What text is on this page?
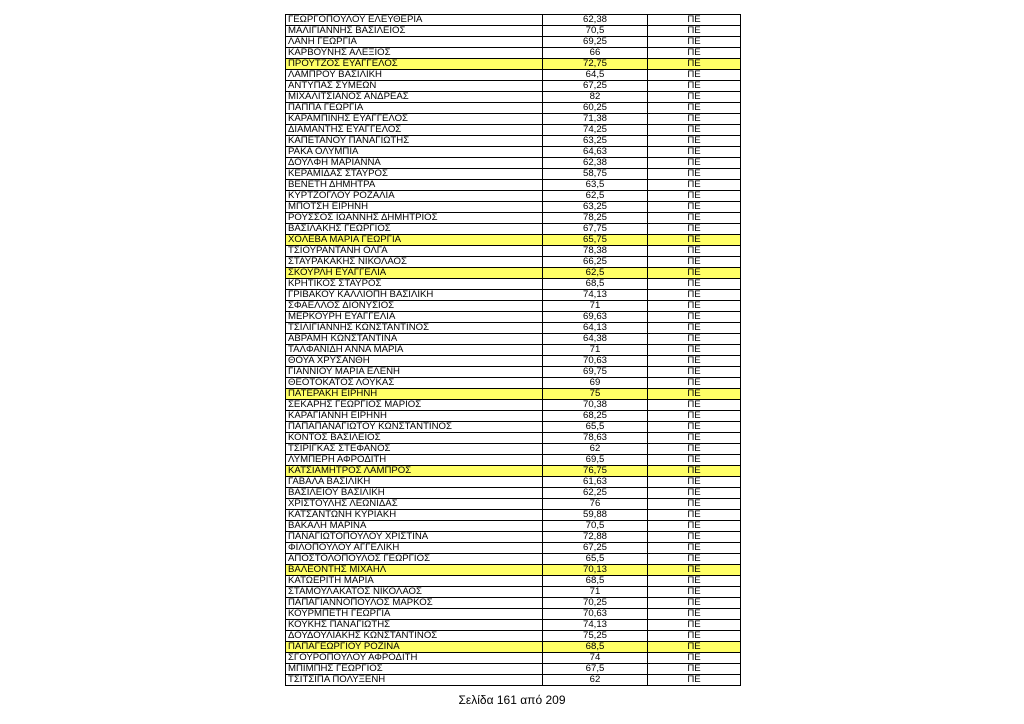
ΓΕΩΡΓΟΠΟΥΛΟΥ ΕΛΕΥΘΕΡΙΑ	62,38	ΠΕ
ΜΑΛΙΓΙΑΝΝΗΣ ΒΑΣΙΛΕΙΟΣ	70,5	ΠΕ
ΛΑΝΗ ΓΕΩΡΓΙΑ	69,25	ΠΕ
ΚΑΡΒΟΥΝΗΣ ΑΛΕΞΙΟΣ	66	ΠΕ
ΠΡΟΥΤΖΟΣ ΕΥΑΓΓΕΛΟΣ	72,75	ΠΕ
ΛΑΜΠΡΟΥ ΒΑΣΙΛΙΚΗ	64,5	ΠΕ
ΑΝΤΥΠΑΣ ΣΥΜΕΩΝ	67,25	ΠΕ
ΜΙΧΑΛΙΤΣΙΑΝΟΣ ΑΝΔΡΕΑΣ	82	ΠΕ
ΠΑΠΠΑ ΓΕΩΡΓΙΑ	60,25	ΠΕ
ΚΑΡΑΜΠΙΝΗΣ ΕΥΑΓΓΕΛΟΣ	71,38	ΠΕ
ΔΙΑΜΑΝΤΗΣ ΕΥΑΓΓΕΛΟΣ	74,25	ΠΕ
ΚΑΠΕΤΑΝΟΥ ΠΑΝΑΓΙΩΤΗΣ	63,25	ΠΕ
ΡΑΚΑ ΟΛΥΜΠΙΑ	64,63	ΠΕ
ΔΟΥΛΦΗ ΜΑΡΙΑΝΝΑ	62,38	ΠΕ
ΚΕΡΑΜΙΔΑΣ ΣΤΑΥΡΟΣ	58,75	ΠΕ
ΒΕΝΕΤΗ ΔΗΜΗΤΡΑ	63,5	ΠΕ
ΚΥΡΤΖΟΓΛΟΥ ΡΟΖΑΛΙΑ	62,5	ΠΕ
ΜΠΟΤΣΗ ΕΙΡΗΝΗ	63,25	ΠΕ
ΡΟΥΣΣΟΣ ΙΩΑΝΝΗΣ ΔΗΜΗΤΡΙΟΣ	78,25	ΠΕ
ΒΑΣΙΛΑΚΗΣ ΓΕΩΡΓΙΟΣ	67,75	ΠΕ
ΧΟΛΕΒΑ ΜΑΡΙΑ ΓΕΩΡΓΙΑ	65,75	ΠΕ
ΤΣΙΟΥΡΑΝΤΑΝΗ ΟΛΓΑ	78,38	ΠΕ
ΣΤΑΥΡΑΚΑΚΗΣ ΝΙΚΟΛΑΟΣ	66,25	ΠΕ
ΣΚΟΥΡΛΗ ΕΥΑΓΓΕΛΙΑ	62,5	ΠΕ
ΚΡΗΤΙΚΟΣ ΣΤΑΥΡΟΣ	68,5	ΠΕ
ΓΡΙΒΑΚΟΥ ΚΑΛΛΙΟΠΗ ΒΑΣΙΛΙΚΗ	74,13	ΠΕ
ΣΦΑΕΛΛΟΣ ΔΙΟΝΥΣΙΟΣ	71	ΠΕ
ΜΕΡΚΟΥΡΗ ΕΥΑΓΓΕΛΙΑ	69,63	ΠΕ
ΤΣΙΛΙΓΙΑΝΝΗΣ ΚΩΝΣΤΑΝΤΙΝΟΣ	64,13	ΠΕ
ΑΒΡΑΜΗ ΚΩΝΣΤΑΝΤΙΝΑ	64,38	ΠΕ
ΤΑΛΦΑΝΙΔΗ ΑΝΝΑ ΜΑΡΙΑ	71	ΠΕ
ΘΟΥΑ ΧΡΥΣΑΝΘΗ	70,63	ΠΕ
ΓΙΑΝΝΙΟΥ ΜΑΡΙΑ ΕΛΕΝΗ	69,75	ΠΕ
ΘΕΟΤΟΚΑΤΟΣ ΛΟΥΚΑΣ	69	ΠΕ
ΠΑΤΕΡΑΚΗ ΕΙΡΗΝΗ	75	ΠΕ
ΣΕΚΑΡΗΣ ΓΕΩΡΓΙΟΣ ΜΑΡΙΟΣ	70,38	ΠΕ
ΚΑΡΑΓΙΑΝΝΗ ΕΙΡΗΝΗ	68,25	ΠΕ
ΠΑΠΑΠΑΝΑΓΙΩΤΟΥ ΚΩΝΣΤΑΝΤΙΝΟΣ	65,5	ΠΕ
ΚΟΝΤΟΣ ΒΑΣΙΛΕΙΟΣ	78,63	ΠΕ
ΤΣΙΡΙΓΚΑΣ ΣΤΕΦΑΝΟΣ	62	ΠΕ
ΛΥΜΠΕΡΗ ΑΦΡΟΔΙΤΗ	69,5	ΠΕ
ΚΑΤΣΙΑΜΗΤΡΟΣ ΛΑΜΠΡΟΣ	76,75	ΠΕ
ΓΑΒΑΛΑ ΒΑΣΙΛΙΚΗ	61,63	ΠΕ
ΒΑΣΙΛΕΙΟΥ ΒΑΣΙΛΙΚΗ	62,25	ΠΕ
ΧΡΙΣΤΟΥΛΗΣ ΛΕΩΝΙΔΑΣ	76	ΠΕ
ΚΑΤΣΑΝΤΩΝΗ ΚΥΡΙΑΚΗ	59,88	ΠΕ
ΒΑΚΑΛΗ ΜΑΡΙΝΑ	70,5	ΠΕ
ΠΑΝΑΓΙΩΤΟΠΟΥΛΟΥ ΧΡΙΣΤΙΝΑ	72,88	ΠΕ
ΦΙΛΟΠΟΥΛΟΥ ΑΓΓΕΛΙΚΗ	67,25	ΠΕ
ΑΠΟΣΤΟΛΟΠΟΥΛΟΣ ΓΕΩΡΓΙΟΣ	65,5	ΠΕ
ΒΑΛΕΟΝΤΗΣ ΜΙΧΑΗΛ	70,13	ΠΕ
ΚΑΤΩΕΡΙΤΗ ΜΑΡΙΑ	68,5	ΠΕ
ΣΤΑΜΟΥΛΑΚΑΤΟΣ ΝΙΚΟΛΑΟΣ	71	ΠΕ
ΠΑΠΑΓΙΑΝΝΟΠΟΥΛΟΣ ΜΑΡΚΟΣ	70,25	ΠΕ
ΚΟΥΡΜΠΕΤΗ ΓΕΩΡΓΙΑ	70,63	ΠΕ
ΚΟΥΚΗΣ ΠΑΝΑΓΙΩΤΗΣ	74,13	ΠΕ
ΔΟΥΔΟΥΛΙΑΚΗΣ ΚΩΝΣΤΑΝΤΙΝΟΣ	75,25	ΠΕ
ΠΑΠΑΓΕΩΡΓΙΟΥ ΡΟΖΙΝΑ	68,5	ΠΕ
ΣΓΟΥΡΟΠΟΥΛΟΥ ΑΦΡΟΔΙΤΗ	74	ΠΕ
ΜΠΙΜΠΗΣ ΓΕΩΡΓΙΟΣ	67,5	ΠΕ
ΤΣΙΤΣΙΠΑ ΠΟΛΥΞΕΝΗ	62	ΠΕ
Σελίδα 161 από 209
